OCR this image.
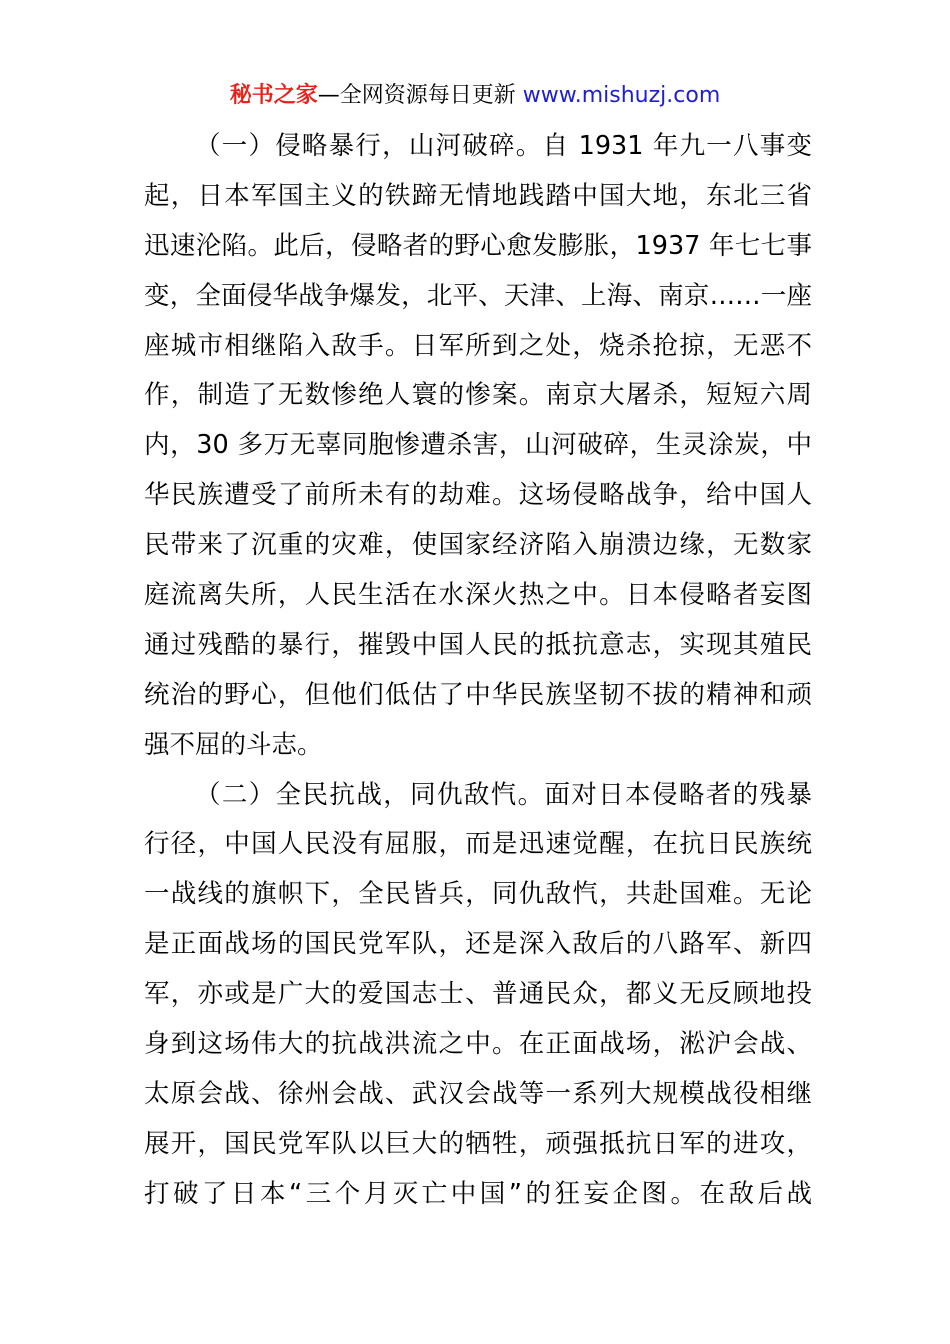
秘书之家—全网资源每日更新 www.mishuzj.com

（一）侵略暴行，山河破碎。自 1931 年九一八事变
起，日本军国主义的铁蹄无情地践踏中国大地，东北三省
迅速沦陷。此后，侵略者的野心愈发膨胀，1937 年七七事
变，全面侵华战争爆发，北平、天津、上海、南京……一座
座城市相继陷入敌手。日军所到之处，烧杀抢掠，无恶不
作，制造了无数惨绝人寰的惨案。南京大屠杀，短短六周
内，30 多万无辜同胞惨遭杀害，山河破碎，生灵涂炭，中
华民族遭受了前所未有的劫难。这场侵略战争，给中国人
民带来了沉重的灾难，使国家经济陷入崩溃边缘，无数家
庭流离失所，人民生活在水深火热之中。日本侵略者妄图
通过残酷的暴行，摧毁中国人民的抵抗意志，实现其殖民
统治的野心，但他们低估了中华民族坚韧不拔的精神和顽
强不屈的斗志。

（二）全民抗战，同仇敌忾。面对日本侵略者的残暴
行径，中国人民没有屈服，而是迅速觉醒，在抗日民族统
一战线的旗帜下，全民皆兵，同仇敌忾，共赴国难。无论
是正面战场的国民党军队，还是深入敌后的八路军、新四
军，亦或是广大的爱国志士、普通民众，都义无反顾地投
身到这场伟大的抗战洪流之中。在正面战场，淞沪会战、
太原会战、徐州会战、武汉会战等一系列大规模战役相继
展开，国民党军队以巨大的牺牲，顽强抵抗日军的进攻，
打破了日本“三个月灭亡中国”的狂妄企图。在敌后战
